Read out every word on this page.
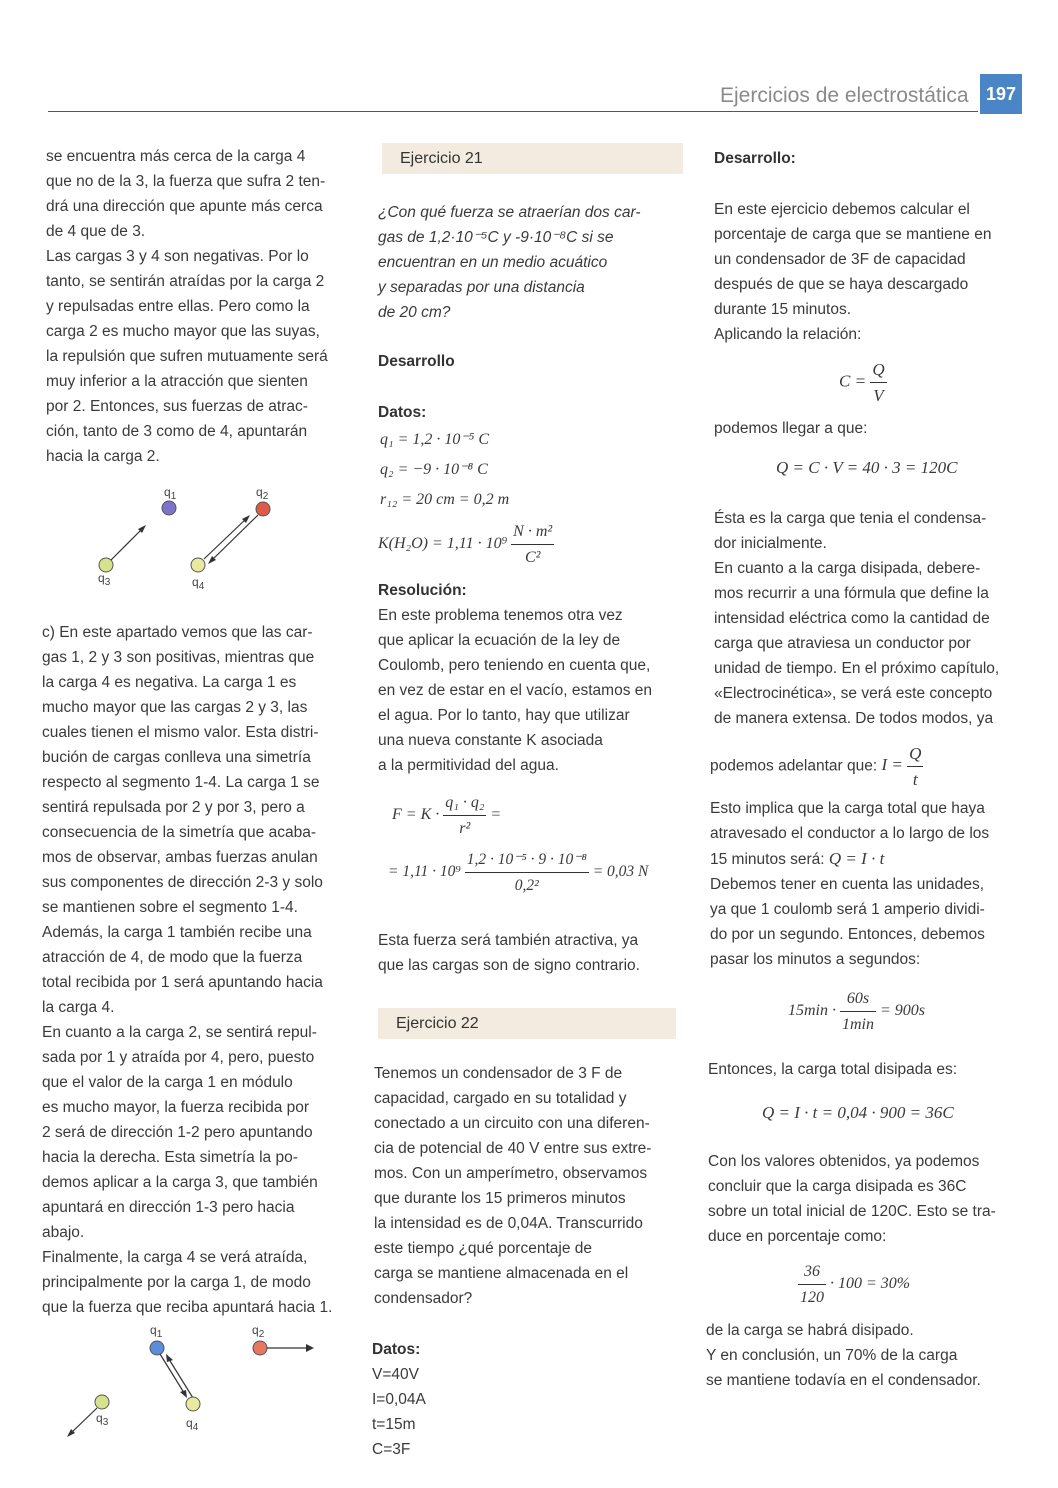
Ejercicios de electrostática 197

se encuentra más cerca de la carga 4

que no de la 3, la fuerza que sufra 2 ten-

drá una dirección que apunte más cerca

de 4 que de 3.

Las cargas 3 y 4 son negativas. Por lo

tanto, se sentirán atraídas por la carga 2

y repulsadas entre ellas. Pero como la

carga 2 es mucho mayor que las suyas,

la repulsión que sufren mutuamente será

muy inferior a la atracción que sienten

por 2. Entonces, sus fuerzas de atrac-

ción, tanto de 3 como de 4, apuntarán

hacia la carga 2.

$q_1$	$q_2$
$q_3$	$q_4$

c) En este apartado vemos que las car-

gas 1, 2 y 3 son positivas, mientras que

la carga 4 es negativa. La carga 1 es

mucho mayor que las cargas 2 y 3, las

cuales tienen el mismo valor. Esta distri-

bución de cargas conlleva una simetría

respecto al segmento 1-4. La carga 1 se

sentirá repulsada por 2 y por 3, pero a

consecuencia de la simetría que acaba-

mos de observar, ambas fuerzas anulan

sus componentes de dirección 2-3 y solo

se mantienen sobre el segmento 1-4.

Además, la carga 1 también recibe una

atracción de 4, de modo que la fuerza

total recibida por 1 será apuntando hacia

la carga 4.

En cuanto a la carga 2, se sentirá repul-

sada por 1 y atraída por 4, pero, puesto

que el valor de la carga 1 en módulo

es mucho mayor, la fuerza recibida por

2 será de dirección 1-2 pero apuntando

hacia la derecha. Esta simetría la po-

demos aplicar a la carga 3, que también

apuntará en dirección 1-3 pero hacia

abajo.

Finalmente, la carga 4 se verá atraída,

principalmente por la carga 1, de modo

que la fuerza que reciba apuntará hacia 1.

$q_1$	$q_2$
$q_3$	$q_4$
Ejercicio 21

¿Con qué fuerza se atraerían dos car-

gas de 1,2·10⁻⁵C y -9·10⁻⁸C si se

encuentran en un medio acuático

y separadas por una distancia

de 20 cm?

Desarrollo
Datos:

q₁ = 1,2 · 10⁻⁵ C

q₂ = −9 · 10⁻⁸ C

r₁₂ = 20 cm = 0,2 m

$K(H_2O) = 1,11 \cdot 10^9 \frac{\text{N · m²}}{\text{C²}}$
Resolución:

En este problema tenemos otra vez

que aplicar la ecuación de la ley de

Coulomb, pero teniendo en cuenta que,

en vez de estar en el vacío, estamos en

el agua. Por lo tanto, hay que utilizar

una nueva constante K asociada

a la permitividad del agua.

$F = K \cdot \frac{\text{q₁ · q₂}}{\text{r²}}$ =
= $1,11 \cdot 10^9 \frac{\text{1,2 · 10⁻⁵ · 9 · 10⁻⁸}}{\text{0,2²}} = 0,03$ N

Esta fuerza será también atractiva, ya

que las cargas son de signo contrario.

Ejercicio 22

Tenemos un condensador de 3 F de

capacidad, cargado en su totalidad y

conectado a un circuito con una diferen-

cia de potencial de 40 V entre sus extre-

mos. Con un amperímetro, observamos

que durante los 15 primeros minutos

la intensidad es de 0,04A. Transcurrido

este tiempo ¿qué porcentaje de

carga se mantiene almacenada en el

condensador?

Datos:

V=40V

I=0,04A

t=15m

C=3F

Desarrollo:

En este ejercicio debemos calcular el

porcentaje de carga que se mantiene en

un condensador de 3F de capacidad

después de que se haya descargado

durante 15 minutos.

Aplicando la relación:

$C = \frac{Q}{V}$
podemos llegar a que:
Q = C · V = 40 · 3 = 120C

Ésta es la carga que tenia el condensa-

dor inicialmente.

En cuanto a la carga disipada, debere-

mos recurrir a una fórmula que define la

intensidad eléctrica como la cantidad de

carga que atraviesa un conductor por

unidad de tiempo. En el próximo capítulo,

«Electrocinética», se verá este concepto

de manera extensa. De todos modos, ya

podemos adelantar que: $I = \frac{Q}{t}$

Esto implica que la carga total que haya

atravesado el conductor a lo largo de los

15 minutos será: Q = I · t

Debemos tener en cuenta las unidades,

ya que 1 coulomb será 1 amperio dividi-

do por un segundo. Entonces, debemos

pasar los minutos a segundos:

$15\min \cdot \frac{60s}{1\min} = 900s$
Entonces, la carga total disipada es:
Q = I · t = 0,04 · 900 = 36C

Con los valores obtenidos, ya podemos

concluir que la carga disipada es 36C

sobre un total inicial de 120C. Esto se tra-

duce en porcentaje como:

$\frac{36}{120} \cdot 100 = 30\%$

de la carga se habrá disipado.

Y en conclusión, un 70% de la carga

se mantiene todavía en el condensador.
